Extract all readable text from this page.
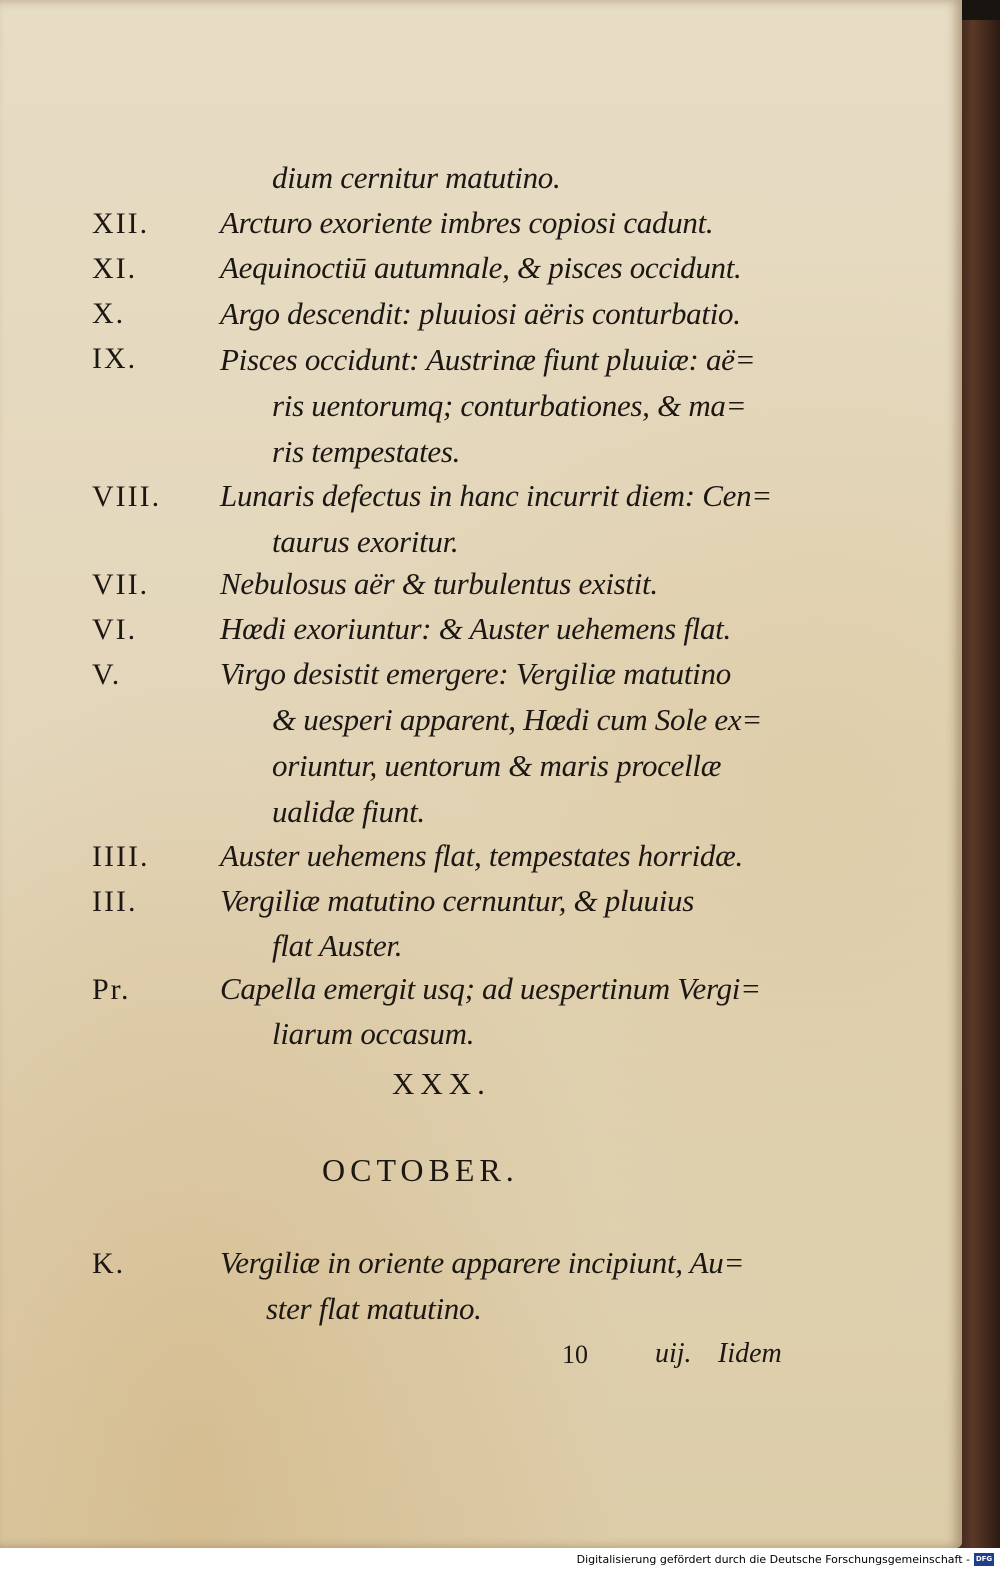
dium cernitur matutino.
XII. Arcturo exoriente imbres copiosi cadunt.
XI.	Aequinoctiū autumnale, & pisces occidunt.
X.	Argo descendit: pluuiosi aëris conturbatio.
IX.	Pisces occidunt: Austrinæ fiunt pluuiæ: aë=
ris uentorumq; conturbationes, & ma=
ris tempestates.
VIII. Lunaris defectus in hanc incurrit diem: Cen=
taurus exoritur.
VII. Nebulosus aër & turbulentus existit.
VI.	Hœdi exoriuntur: & Auster uehemens flat.
V.	Virgo desistit emergere: Vergiliæ matutino
& uesperi apparent, Hœdi cum Sole ex=
oriuntur, uentorum & maris procellæ
ualidæ fiunt.
IIII. Auster uehemens flat, tempestates horridæ.
III.	Vergiliæ matutino cernuntur, & pluuius
flat Auster.
Pr.	Capella emergit usq; ad uespertinum Vergi=
liarum occasum.
XXX.
OCTOBER.
K.	Vergiliæ in oriente apparere incipiunt, Au=
ster flat matutino.
10 uij. Iidem
Digitalisierung gefördert durch die Deutsche Forschungsgemeinschaft - DFG
